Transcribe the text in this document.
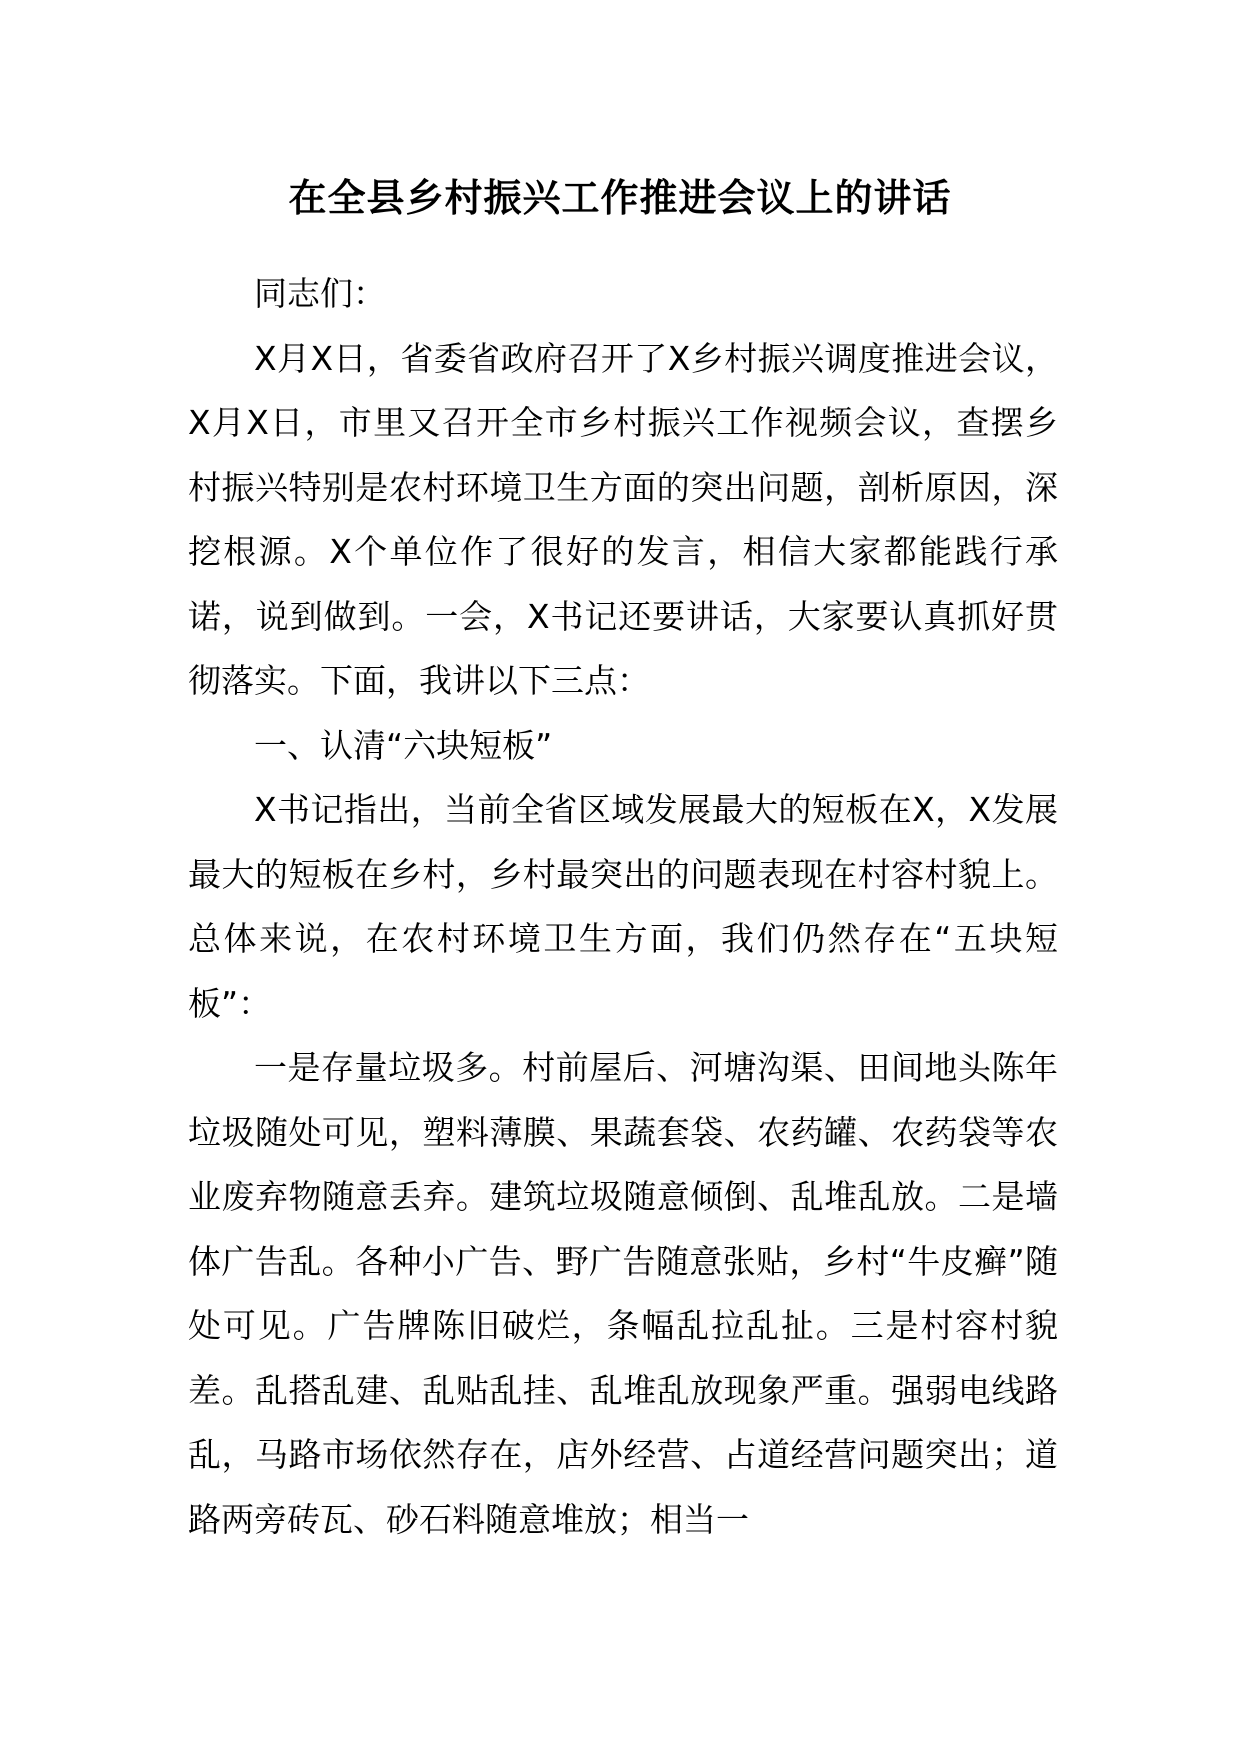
在全县乡村振兴工作推进会议上的讲话

同志们：

X月X日，省委省政府召开了X乡村振兴调度推进会议，X月X日，市里又召开全市乡村振兴工作视频会议，查摆乡村振兴特别是农村环境卫生方面的突出问题，剖析原因，深挖根源。X个单位作了很好的发言，相信大家都能践行承诺，说到做到。一会，X书记还要讲话，大家要认真抓好贯彻落实。下面，我讲以下三点：

一、认清“六块短板”

X书记指出，当前全省区域发展最大的短板在X，X发展最大的短板在乡村，乡村最突出的问题表现在村容村貌上。总体来说，在农村环境卫生方面，我们仍然存在“五块短板”：

一是存量垃圾多。村前屋后、河塘沟渠、田间地头陈年垃圾随处可见，塑料薄膜、果蔬套袋、农药罐、农药袋等农业废弃物随意丢弃。建筑垃圾随意倾倒、乱堆乱放。二是墙体广告乱。各种小广告、野广告随意张贴，乡村“牛皮癣”随处可见。广告牌陈旧破烂，条幅乱拉乱扯。三是村容村貌差。乱搭乱建、乱贴乱挂、乱堆乱放现象严重。强弱电线路乱，马路市场依然存在，店外经营、占道经营问题突出；道路两旁砖瓦、砂石料随意堆放；相当一
